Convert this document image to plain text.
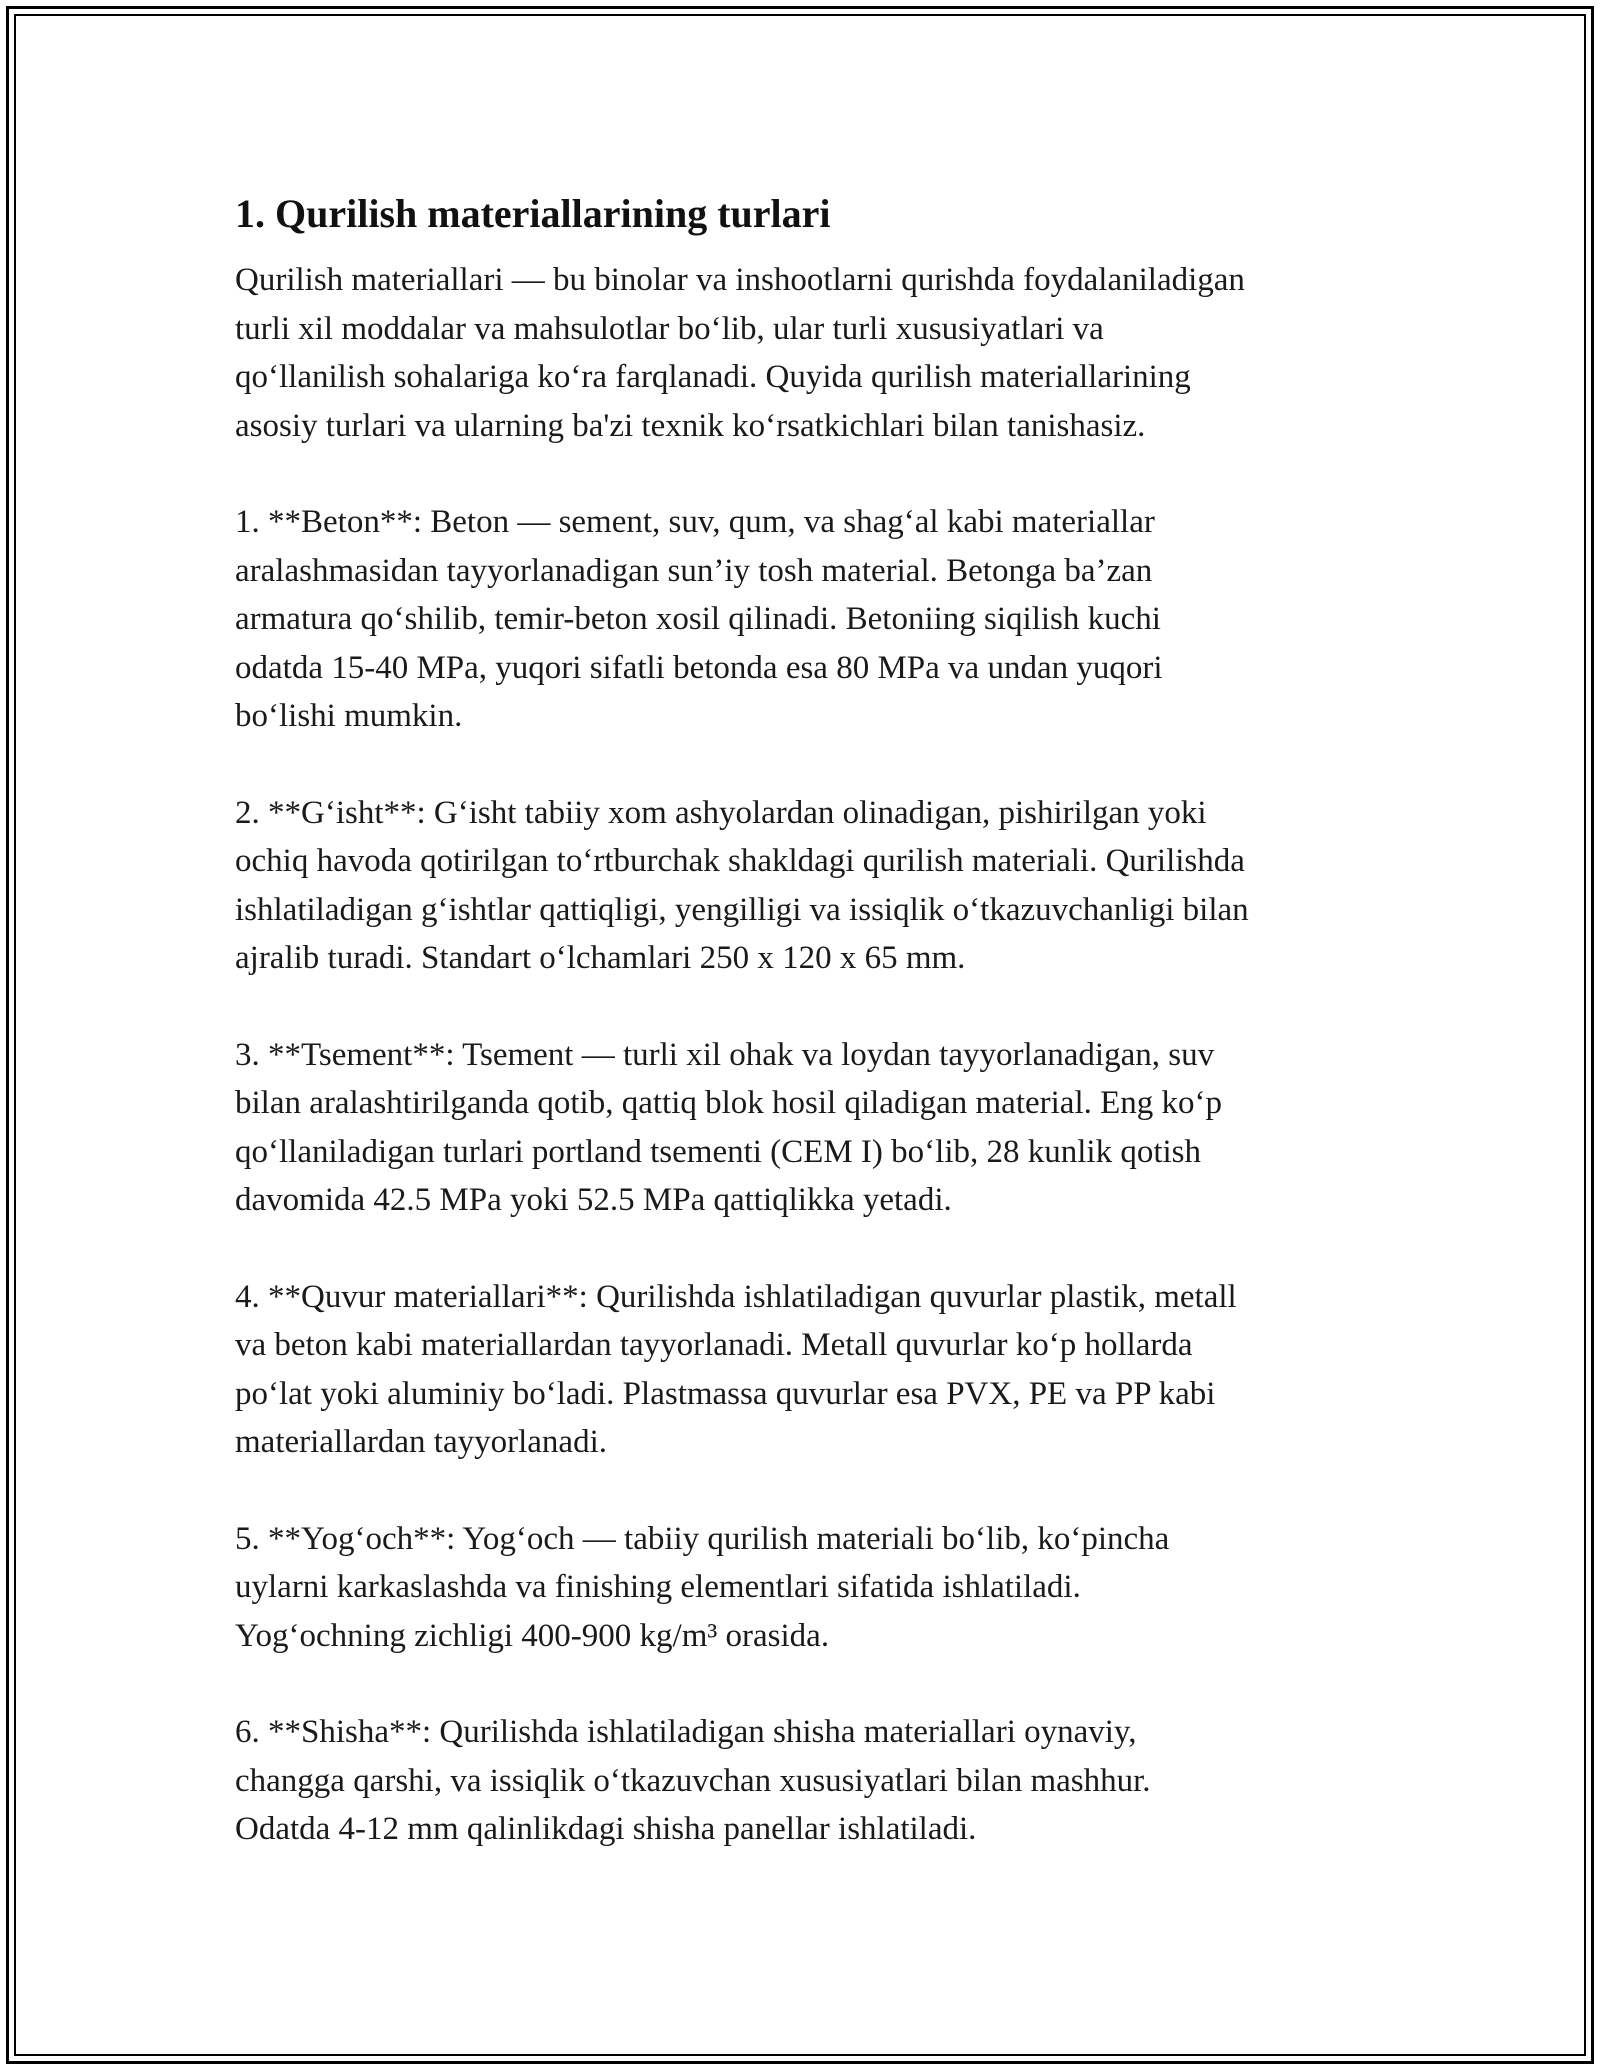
1. Qurilish materiallarining turlari

Qurilish materiallari — bu binolar va inshootlarni qurishda foydalaniladigan
turli xil moddalar va mahsulotlar bo‘lib, ular turli xususiyatlari va
qo‘llanilish sohalariga ko‘ra farqlanadi. Quyida qurilish materiallarining
asosiy turlari va ularning ba'zi texnik ko‘rsatkichlari bilan tanishasiz.

1. **Beton**: Beton — sement, suv, qum, va shag‘al kabi materiallar
aralashmasidan tayyorlanadigan sun’iy tosh material. Betonga ba’zan
armatura qo‘shilib, temir-beton xosil qilinadi. Betoniing siqilish kuchi
odatda 15-40 MPa, yuqori sifatli betonda esa 80 MPa va undan yuqori
bo‘lishi mumkin.

2. **G‘isht**: G‘isht tabiiy xom ashyolardan olinadigan, pishirilgan yoki
ochiq havoda qotirilgan to‘rtburchak shakldagi qurilish materiali. Qurilishda
ishlatiladigan g‘ishtlar qattiqligi, yengilligi va issiqlik o‘tkazuvchanligi bilan
ajralib turadi. Standart o‘lchamlari 250 x 120 x 65 mm.

3. **Tsement**: Tsement — turli xil ohak va loydan tayyorlanadigan, suv
bilan aralashtirilganda qotib, qattiq blok hosil qiladigan material. Eng ko‘p
qo‘llaniladigan turlari portland tsementi (CEM I) bo‘lib, 28 kunlik qotish
davomida 42.5 MPa yoki 52.5 MPa qattiqlikka yetadi.

4. **Quvur materiallari**: Qurilishda ishlatiladigan quvurlar plastik, metall
va beton kabi materiallardan tayyorlanadi. Metall quvurlar ko‘p hollarda
po‘lat yoki aluminiy bo‘ladi. Plastmassa quvurlar esa PVX, PE va PP kabi
materiallardan tayyorlanadi.

5. **Yog‘och**: Yog‘och — tabiiy qurilish materiali bo‘lib, ko‘pincha
uylarni karkaslashda va finishing elementlari sifatida ishlatiladi.
Yog‘ochning zichligi 400-900 kg/m³ orasida.

6. **Shisha**: Qurilishda ishlatiladigan shisha materiallari oynaviy,
changga qarshi, va issiqlik o‘tkazuvchan xususiyatlari bilan mashhur.
Odatda 4-12 mm qalinlikdagi shisha panellar ishlatiladi.
